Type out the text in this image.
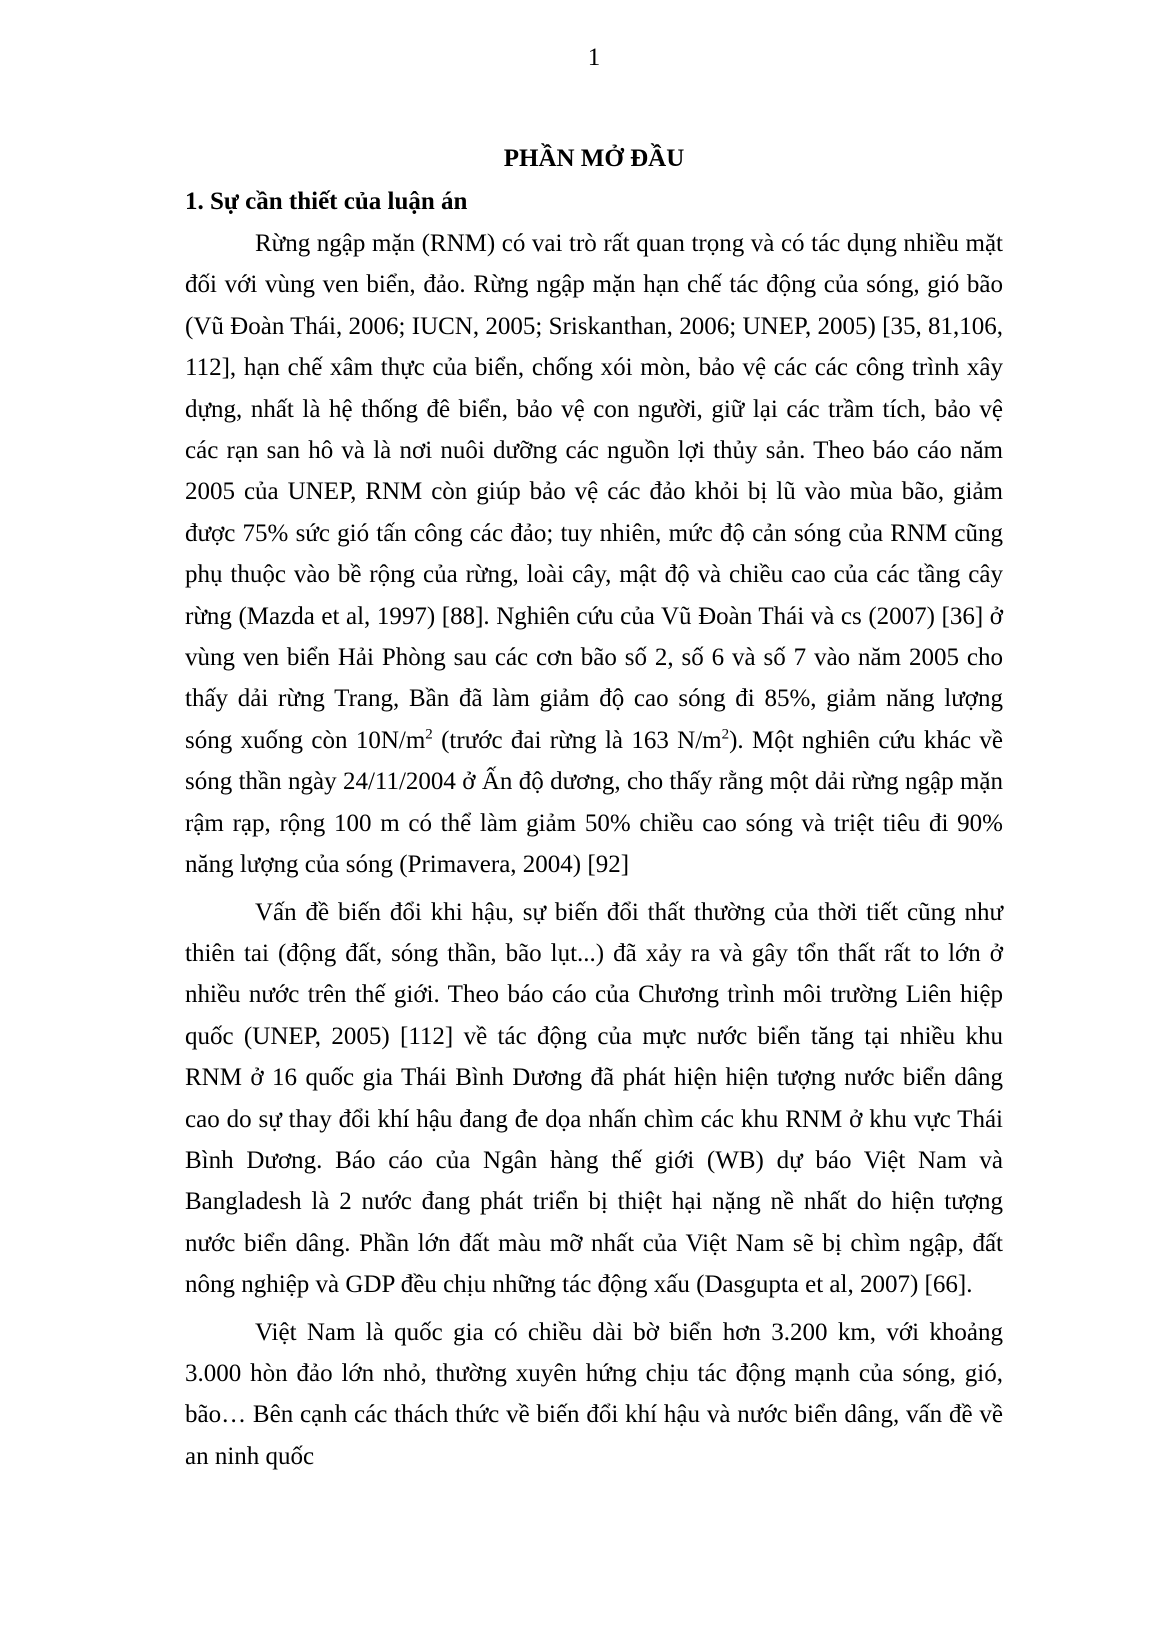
1
PHẦN MỞ ĐẦU

1. Sự cần thiết của luận án

Rừng ngập mặn (RNM) có vai trò rất quan trọng và có tác dụng nhiều mặt đối với vùng ven biển, đảo. Rừng ngập mặn hạn chế tác động của sóng, gió bão (Vũ Đoàn Thái, 2006; IUCN, 2005; Sriskanthan, 2006; UNEP, 2005) [35, 81,106, 112], hạn chế xâm thực của biển, chống xói mòn, bảo vệ các các công trình xây dựng, nhất là hệ thống đê biển, bảo vệ con người, giữ lại các trầm tích, bảo vệ các rạn san hô và là nơi nuôi dưỡng các nguồn lợi thủy sản. Theo báo cáo năm 2005 của UNEP, RNM còn giúp bảo vệ các đảo khỏi bị lũ vào mùa bão, giảm được 75% sức gió tấn công các đảo; tuy nhiên, mức độ cản sóng của RNM cũng phụ thuộc vào bề rộng của rừng, loài cây, mật độ và chiều cao của các tầng cây rừng (Mazda et al, 1997) [88]. Nghiên cứu của Vũ Đoàn Thái và cs (2007) [36] ở vùng ven biển Hải Phòng sau các cơn bão số 2, số 6 và số 7 vào năm 2005 cho thấy dải rừng Trang, Bần đã làm giảm độ cao sóng đi 85%, giảm năng lượng sóng xuống còn $10N/m^2$ (trước đai rừng là 163 $N/m^2$). Một nghiên cứu khác về sóng thần ngày 24/11/2004 ở Ấn độ dương, cho thấy rằng một dải rừng ngập mặn rậm rạp, rộng 100 m có thể làm giảm 50% chiều cao sóng và triệt tiêu đi 90% năng lượng của sóng (Primavera, 2004) [92]

Vấn đề biến đổi khi hậu, sự biến đổi thất thường của thời tiết cũng như thiên tai (động đất, sóng thần, bão lụt...) đã xảy ra và gây tổn thất rất to lớn ở nhiều nước trên thế giới. Theo báo cáo của Chương trình môi trường Liên hiệp quốc (UNEP, 2005) [112] về tác động của mực nước biển tăng tại nhiều khu RNM ở 16 quốc gia Thái Bình Dương đã phát hiện hiện tượng nước biển dâng cao do sự thay đổi khí hậu đang đe dọa nhấn chìm các khu RNM ở khu vực Thái Bình Dương. Báo cáo của Ngân hàng thế giới (WB) dự báo Việt Nam và Bangladesh là 2 nước đang phát triển bị thiệt hại nặng nề nhất do hiện tượng nước biển dâng. Phần lớn đất màu mỡ nhất của Việt Nam sẽ bị chìm ngập, đất nông nghiệp và GDP đều chịu những tác động xấu (Dasgupta et al, 2007) [66].

Việt Nam là quốc gia có chiều dài bờ biển hơn 3.200 km, với khoảng 3.000 hòn đảo lớn nhỏ, thường xuyên hứng chịu tác động mạnh của sóng, gió, bão… Bên cạnh các thách thức về biến đổi khí hậu và nước biển dâng, vấn đề về an ninh quốc
